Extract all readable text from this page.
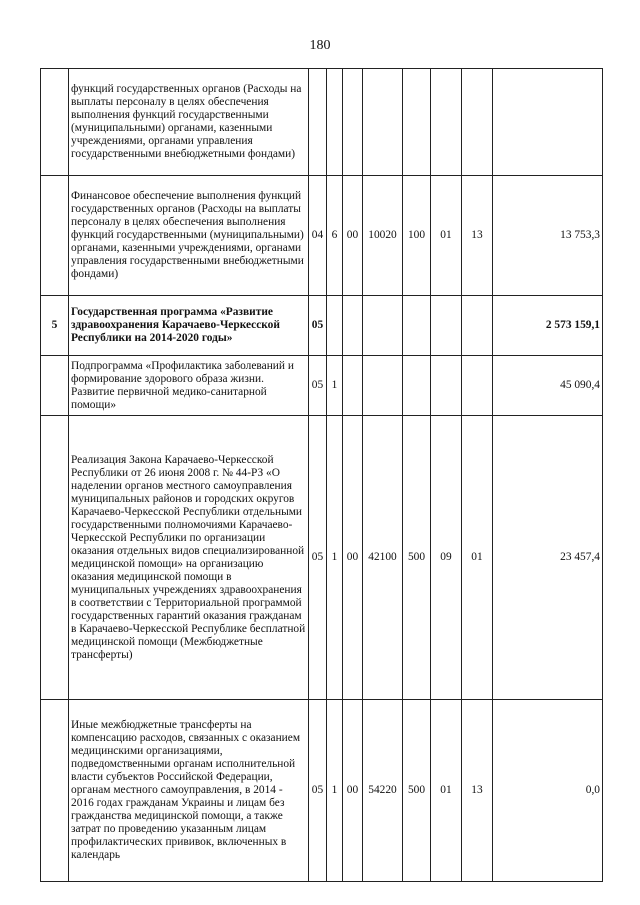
180
	функций государственных органов (Расходы на выплаты персоналу в целях обеспечения выполнения функций государственными (муниципальными) органами, казенными учреждениями, органами управления государственными внебюджетными фондами)								
	Финансовое обеспечение выполнения функций государственных органов (Расходы на выплаты персоналу в целях обеспечения выполнения функций государственными (муниципальными) органами, казенными учреждениями, органами управления государственными внебюджетными фондами)	04	6	00	10020	100	01	13	13 753,3
5	Государственная программа «Развитие здравоохранения Карачаево-Черкесской Республики на 2014-2020 годы»	05							2 573 159,1
	Подпрограмма «Профилактика заболеваний и формирование здорового образа жизни. Развитие первичной медико-санитарной помощи»	05	1						45 090,4
	Реализация Закона Карачаево-Черкесской Республики от 26 июня 2008 г. № 44-РЗ «О наделении органов местного самоуправления муниципальных районов и городских округов Карачаево-Черкесской Республики отдельными государственными полномочиями Карачаево-Черкесской Республики по организации оказания отдельных видов специализированной медицинской помощи» на организацию оказания медицинской помощи в муниципальных учреждениях здравоохранения в соответствии с Территориальной программой государственных гарантий оказания гражданам в Карачаево-Черкесской Республике бесплатной медицинской помощи (Межбюджетные трансферты)	05	1	00	42100	500	09	01	23 457,4
	Иные межбюджетные трансферты на компенсацию расходов, связанных с оказанием медицинскими организациями, подведомственными органам исполнительной власти субъектов Российской Федерации, органам местного самоуправления, в 2014 - 2016 годах гражданам Украины и лицам без гражданства медицинской помощи, а также затрат по проведению указанным лицам профилактических прививок, включенных в календарь	05	1	00	54220	500	01	13	0,0
